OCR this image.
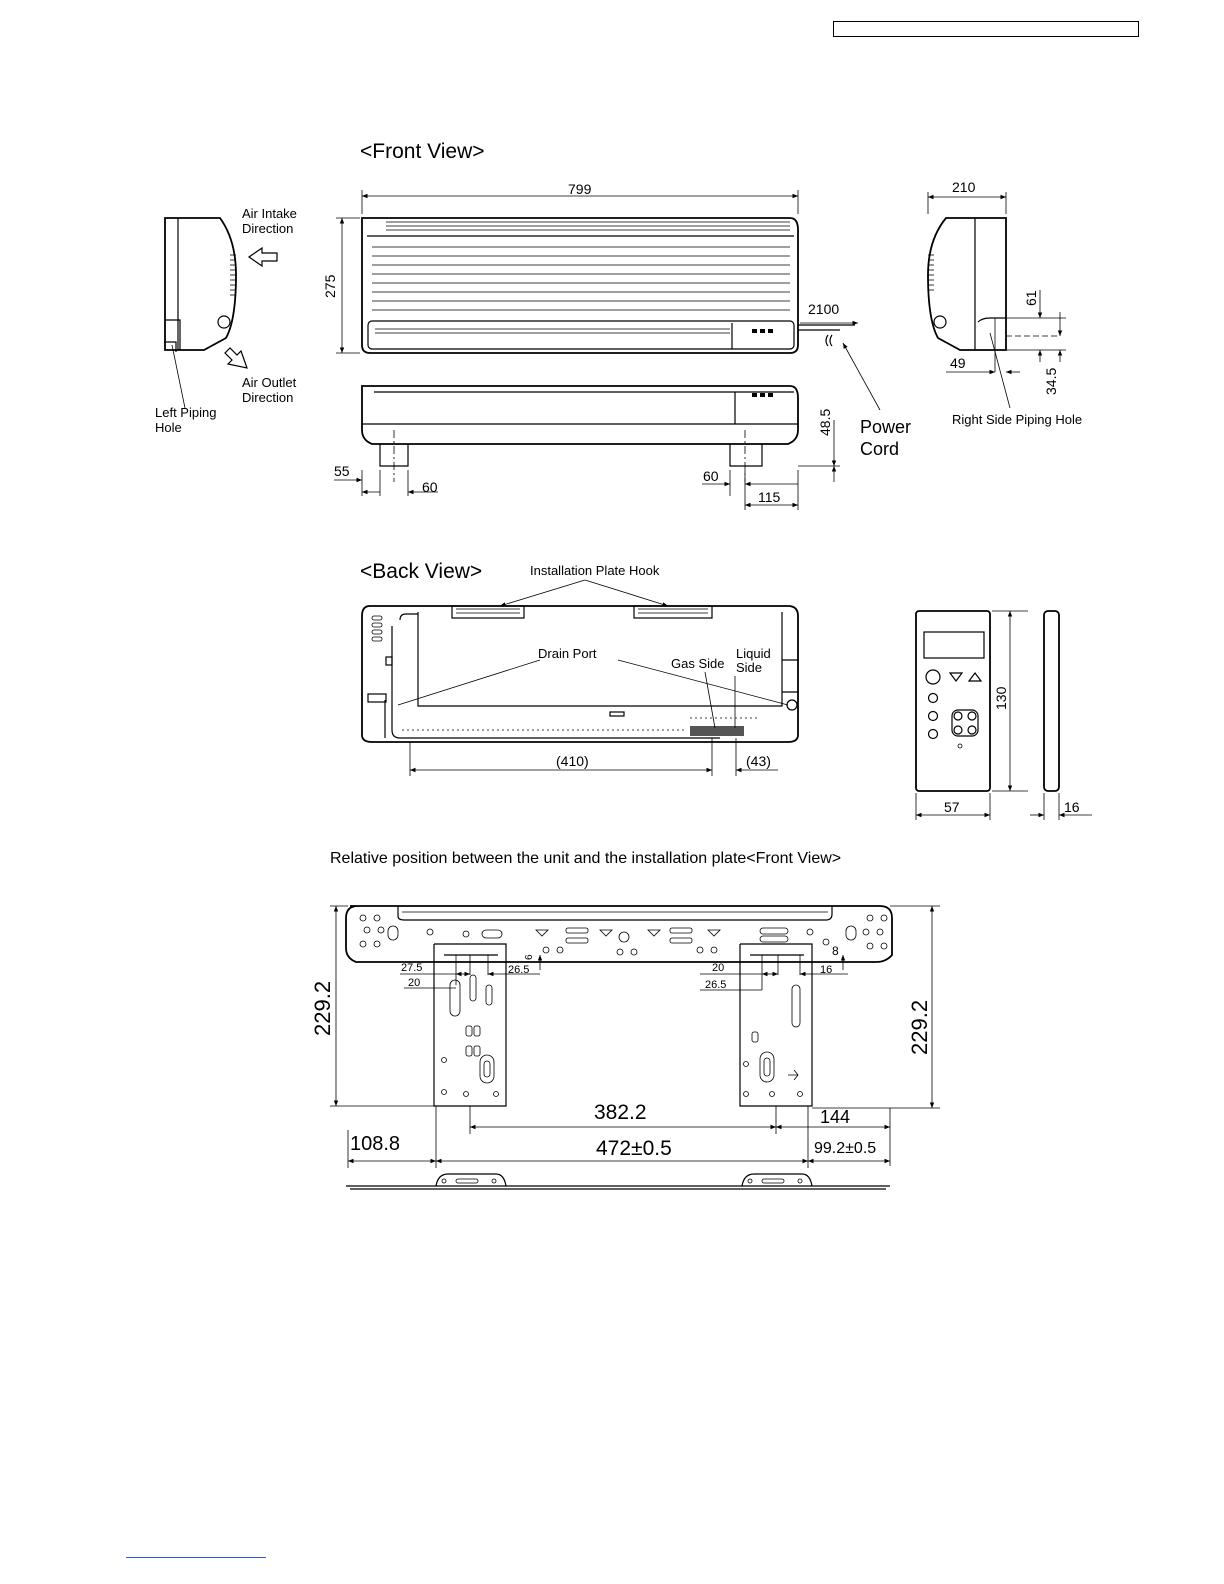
<Front View>
Air Intake
Direction
Air Outlet
Direction
Left Piping
Hole
799
275
2100
Power
Cord
48.5
55
60
60
115
210
61
34.5
49
Right Side Piping Hole
<Back View>	Installation Plate Hook
Drain Port
Gas Side
Liquid
Side
(410)	(43)
130
57	16
Relative position between the unit and the installation plate<Front View>
229.2	229.2
382.2	144
108.8	472±0.5	99.2±0.5
27.5
20
26.5
6
20
26.5
16
8
